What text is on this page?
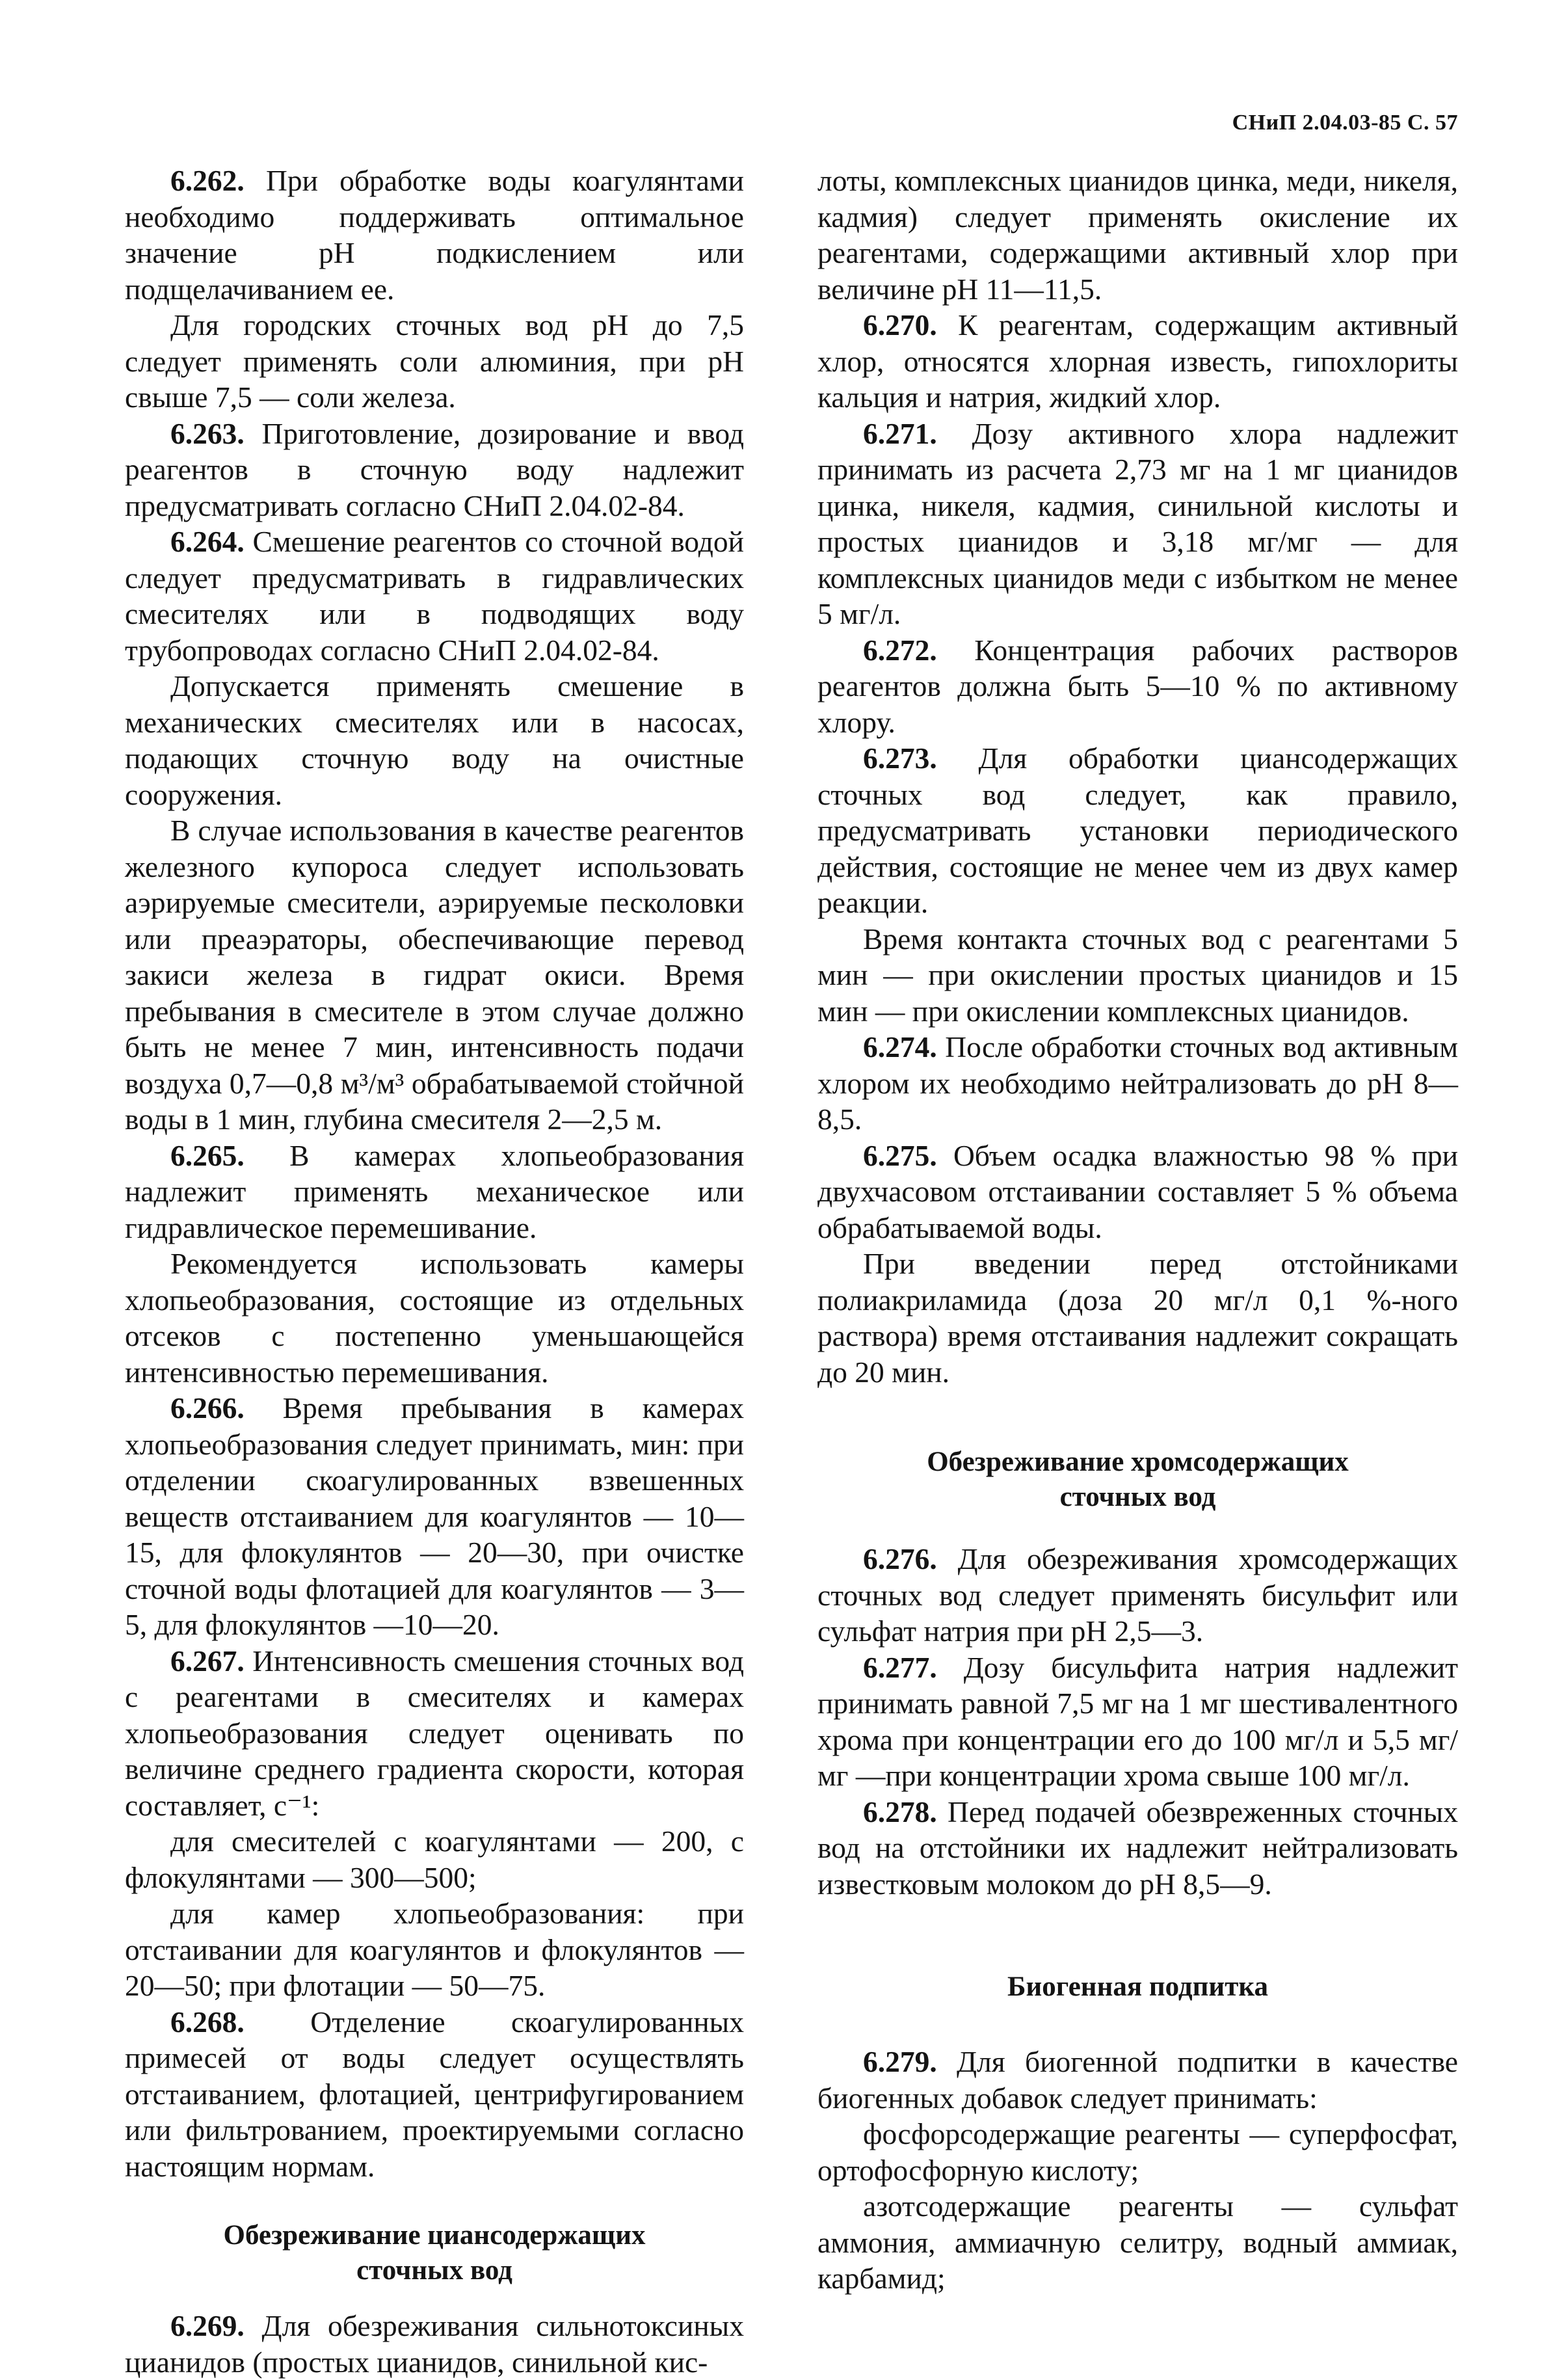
СНиП 2.04.03-85 С. 57

6.262. При обработке воды коагулянтами необходимо поддерживать оптимальное значение рН подкислением или подщелачиванием ее.

Для городских сточных вод рН до 7,5 следует применять соли алюминия, при рН свыше 7,5 — соли железа.

6.263. Приготовление, дозирование и ввод реагентов в сточную воду надлежит предусматривать согласно СНиП 2.04.02-84.

6.264. Смешение реагентов со сточной водой следует предусматривать в гидравлических смесителях или в подводящих воду трубопроводах согласно СНиП 2.04.02-84.

Допускается применять смешение в механических смесителях или в насосах, подающих сточную воду на очистные сооружения.

В случае использования в качестве реагентов железного купороса следует использовать аэрируемые смесители, аэрируемые песколовки или преаэраторы, обеспечивающие перевод закиси железа в гидрат окиси. Время пребывания в смесителе в этом случае должно быть не менее 7 мин, интенсивность подачи воздуха 0,7—0,8 м³/м³ обрабатываемой стойчной воды в 1 мин, глубина смесителя 2—2,5 м.

6.265. В камерах хлопьеобразования надлежит применять механическое или гидравлическое перемешивание.

Рекомендуется использовать камеры хлопьеобразования, состоящие из отдельных отсеков с постепенно уменьшающейся интенсивностью перемешивания.

6.266. Время пребывания в камерах хлопьеобразования следует принимать, мин: при отделении скоагулированных взвешенных веществ отстаиванием для коагулянтов — 10—15, для флокулянтов — 20—30, при очистке сточной воды флотацией для коагулянтов — 3—5, для флокулянтов —10—20.

6.267. Интенсивность смешения сточных вод с реагентами в смесителях и камерах хлопьеобразования следует оценивать по величине среднего градиента скорости, которая составляет, с⁻¹:

для смесителей с коагулянтами — 200, с флокулянтами — 300—500;

для камер хлопьеобразования: при отстаивании для коагулянтов и флокулянтов — 20—50; при флотации — 50—75.

6.268. Отделение скоагулированных примесей от воды следует осуществлять отстаиванием, флотацией, центрифугированием или фильтрованием, проектируемыми согласно настоящим нормам.

Обезреживание циансодержащих
сточных вод

6.269. Для обезреживания сильнотоксиных цианидов (простых цианидов, синильной кис-

лоты, комплексных цианидов цинка, меди, никеля, кадмия) следует применять окисление их реагентами, содержащими активный хлор при величине рН 11—11,5.

6.270. К реагентам, содержащим активный хлор, относятся хлорная известь, гипохлориты кальция и натрия, жидкий хлор.

6.271. Дозу активного хлора надлежит принимать из расчета 2,73 мг на 1 мг цианидов цинка, никеля, кадмия, синильной кислоты и простых цианидов и 3,18 мг/мг — для комплексных цианидов меди с избытком не менее 5 мг/л.

6.272. Концентрация рабочих растворов реагентов должна быть 5—10 % по активному хлору.

6.273. Для обработки циансодержащих сточных вод следует, как правило, предусматривать установки периодического действия, состоящие не менее чем из двух камер реакции.

Время контакта сточных вод с реагентами 5 мин — при окислении простых цианидов и 15 мин — при окислении комплексных цианидов.

6.274. После обработки сточных вод активным хлором их необходимо нейтрализовать до рН 8—8,5.

6.275. Объем осадка влажностью 98 % при двухчасовом отстаивании составляет 5 % объема обрабатываемой воды.

При введении перед отстойниками полиакриламида (доза 20 мг/л 0,1 %-ного раствора) время отстаивания надлежит сокращать до 20 мин.

Обезреживание хромсодержащих
сточных вод

6.276. Для обезреживания хромсодержащих сточных вод следует применять бисульфит или сульфат натрия при рН 2,5—3.

6.277. Дозу бисульфита натрия надлежит принимать равной 7,5 мг на 1 мг шестивалентного хрома при концентрации его до 100 мг/л и 5,5 мг/мг —при концентрации хрома свыше 100 мг/л.

6.278. Перед подачей обезвреженных сточных вод на отстойники их надлежит нейтрализовать известковым молоком до рН 8,5—9.

Биогенная подпитка

6.279. Для биогенной подпитки в качестве биогенных добавок следует принимать:

фосфорсодержащие реагенты — суперфосфат, ортофосфорную кислоту;

азотсодержащие реагенты — сульфат аммония, аммиачную селитру, водный аммиак, карбамид;
